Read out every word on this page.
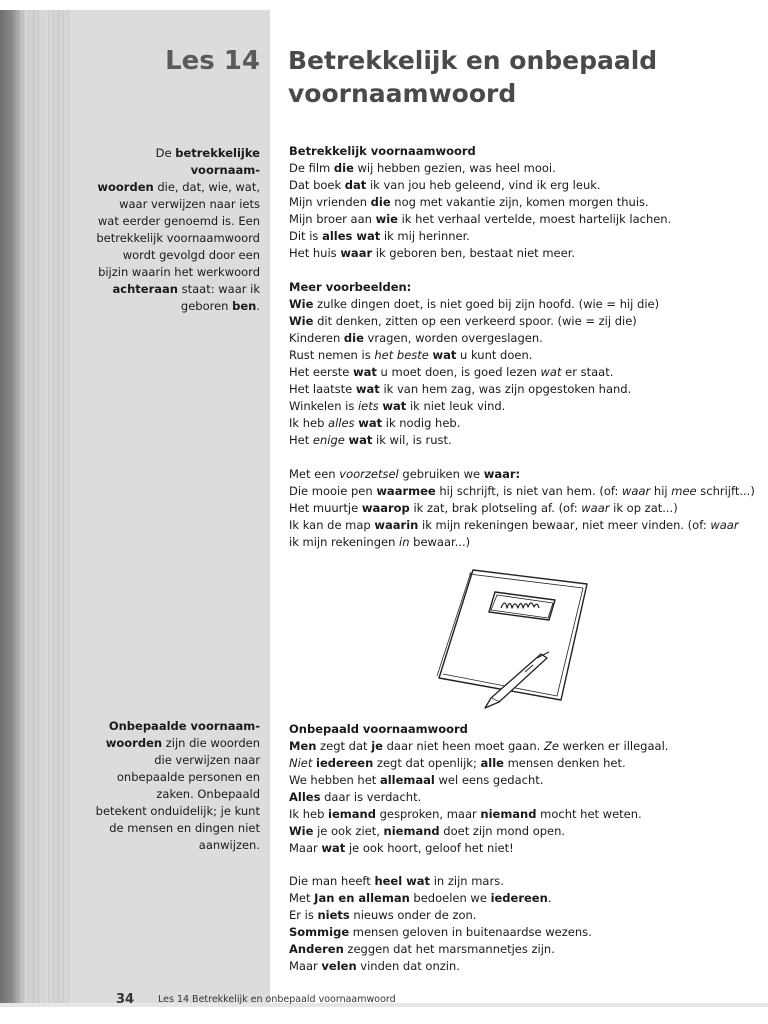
Les 14 Betrekkelijk en onbepaald
voornaamwoord
De betrekkelijke voornaam-
woorden die, dat, wie, wat,
waar verwijzen naar iets
wat eerder genoemd is. Een
betrekkelijk voornaamwoord
wordt gevolgd door een
bijzin waarin het werkwoord
achteraan staat: waar ik
geboren ben.
Onbepaalde voornaam-
woorden zijn die woorden
die verwijzen naar
onbepaalde personen en
zaken. Onbepaald
betekent onduidelijk; je kunt
de mensen en dingen niet
aanwijzen.
Betrekkelijk voornaamwoord
De film die wij hebben gezien, was heel mooi.
Dat boek dat ik van jou heb geleend, vind ik erg leuk.
Mijn vrienden die nog met vakantie zijn, komen morgen thuis.
Mijn broer aan wie ik het verhaal vertelde, moest hartelijk lachen.
Dit is alles wat ik mij herinner.
Het huis waar ik geboren ben, bestaat niet meer.
Meer voorbeelden:
Wie zulke dingen doet, is niet goed bij zijn hoofd. (wie = hij die)
Wie dit denken, zitten op een verkeerd spoor. (wie = zij die)
Kinderen die vragen, worden overgeslagen.
Rust nemen is het beste wat u kunt doen.
Het eerste wat u moet doen, is goed lezen wat er staat.
Het laatste wat ik van hem zag, was zijn opgestoken hand.
Winkelen is iets wat ik niet leuk vind.
Ik heb alles wat ik nodig heb.
Het enige wat ik wil, is rust.
Met een voorzetsel gebruiken we waar:
Die mooie pen waarmee hij schrijft, is niet van hem. (of: waar hij mee schrijft...)
Het muurtje waarop ik zat, brak plotseling af. (of: waar ik op zat...)
Ik kan de map waarin ik mijn rekeningen bewaar, niet meer vinden. (of: waar ik mijn rekeningen in bewaar...)
Onbepaald voornaamwoord
Men zegt dat je daar niet heen moet gaan. Ze werken er illegaal.
Niet iedereen zegt dat openlijk; alle mensen denken het.
We hebben het allemaal wel eens gedacht.
Alles daar is verdacht.
Ik heb iemand gesproken, maar niemand mocht het weten.
Wie je ook ziet, niemand doet zijn mond open.
Maar wat je ook hoort, geloof het niet!
Die man heeft heel wat in zijn mars.
Met Jan en alleman bedoelen we iedereen.
Er is niets nieuws onder de zon.
Sommige mensen geloven in buitenaardse wezens.
Anderen zeggen dat het marsmannetjes zijn.
Maar velen vinden dat onzin.
34	Les 14 Betrekkelijk en onbepaald voornaamwoord
